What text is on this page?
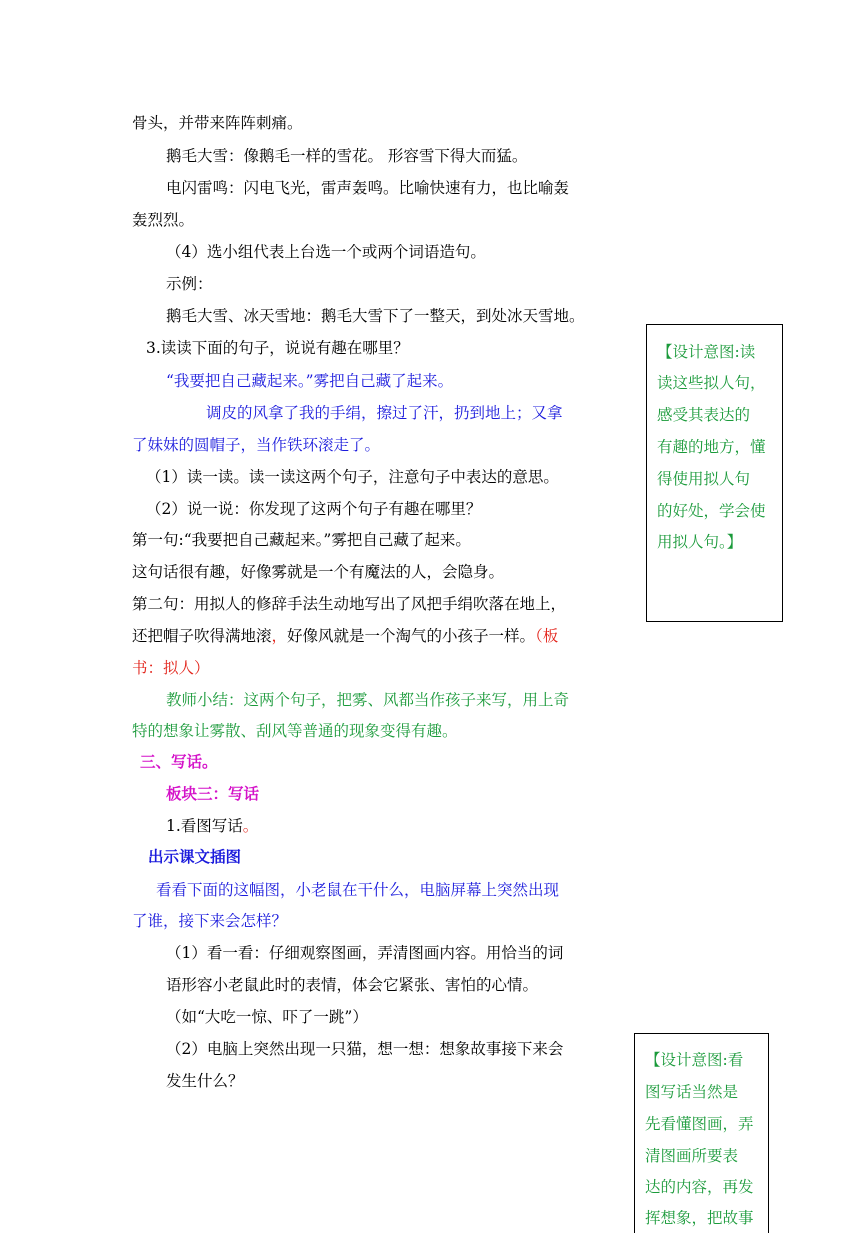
骨头，并带来阵阵刺痛。
鹅毛大雪：像鹅毛一样的雪花。 形容雪下得大而猛。
电闪雷鸣：闪电飞光，雷声轰鸣。比喻快速有力，也比喻轰
轰烈烈。
（4）选小组代表上台选一个或两个词语造句。
示例：
鹅毛大雪、冰天雪地：鹅毛大雪下了一整天，到处冰天雪地。
3.读读下面的句子，说说有趣在哪里？
“我要把自己藏起来。”雾把自己藏了起来。
调皮的风拿了我的手绢，擦过了汗，扔到地上；又拿
了妹妹的圆帽子，当作铁环滚走了。
（1）读一读。读一读这两个句子，注意句子中表达的意思。
（2）说一说：你发现了这两个句子有趣在哪里？
第一句:“我要把自己藏起来。”雾把自己藏了起来。
这句话很有趣，好像雾就是一个有魔法的人，会隐身。
第二句：用拟人的修辞手法生动地写出了风把手绢吹落在地上，
还把帽子吹得满地滚，好像风就是一个淘气的小孩子一样。（板
书：拟人）
教师小结：这两个句子，把雾、风都当作孩子来写，用上奇
特的想象让雾散、刮风等普通的现象变得有趣。
三、写话。
板块三：写话
1.看图写话。
出示课文插图
看看下面的这幅图，小老鼠在干什么，电脑屏幕上突然出现
了谁，接下来会怎样？
（1）看一看：仔细观察图画，弄清图画内容。用恰当的词
语形容小老鼠此时的表情，体会它紧张、害怕的心情。
（如“大吃一惊、吓了一跳”）
（2）电脑上突然出现一只猫，想一想：想象故事接下来会
发生什么？
【设计意图:读
读这些拟人句，
感受其表达的
有趣的地方，懂
得使用拟人句
的好处，学会使
用拟人句。】
【设计意图:看
图写话当然是
先看懂图画，弄
清图画所要表
达的内容，再发
挥想象，把故事
